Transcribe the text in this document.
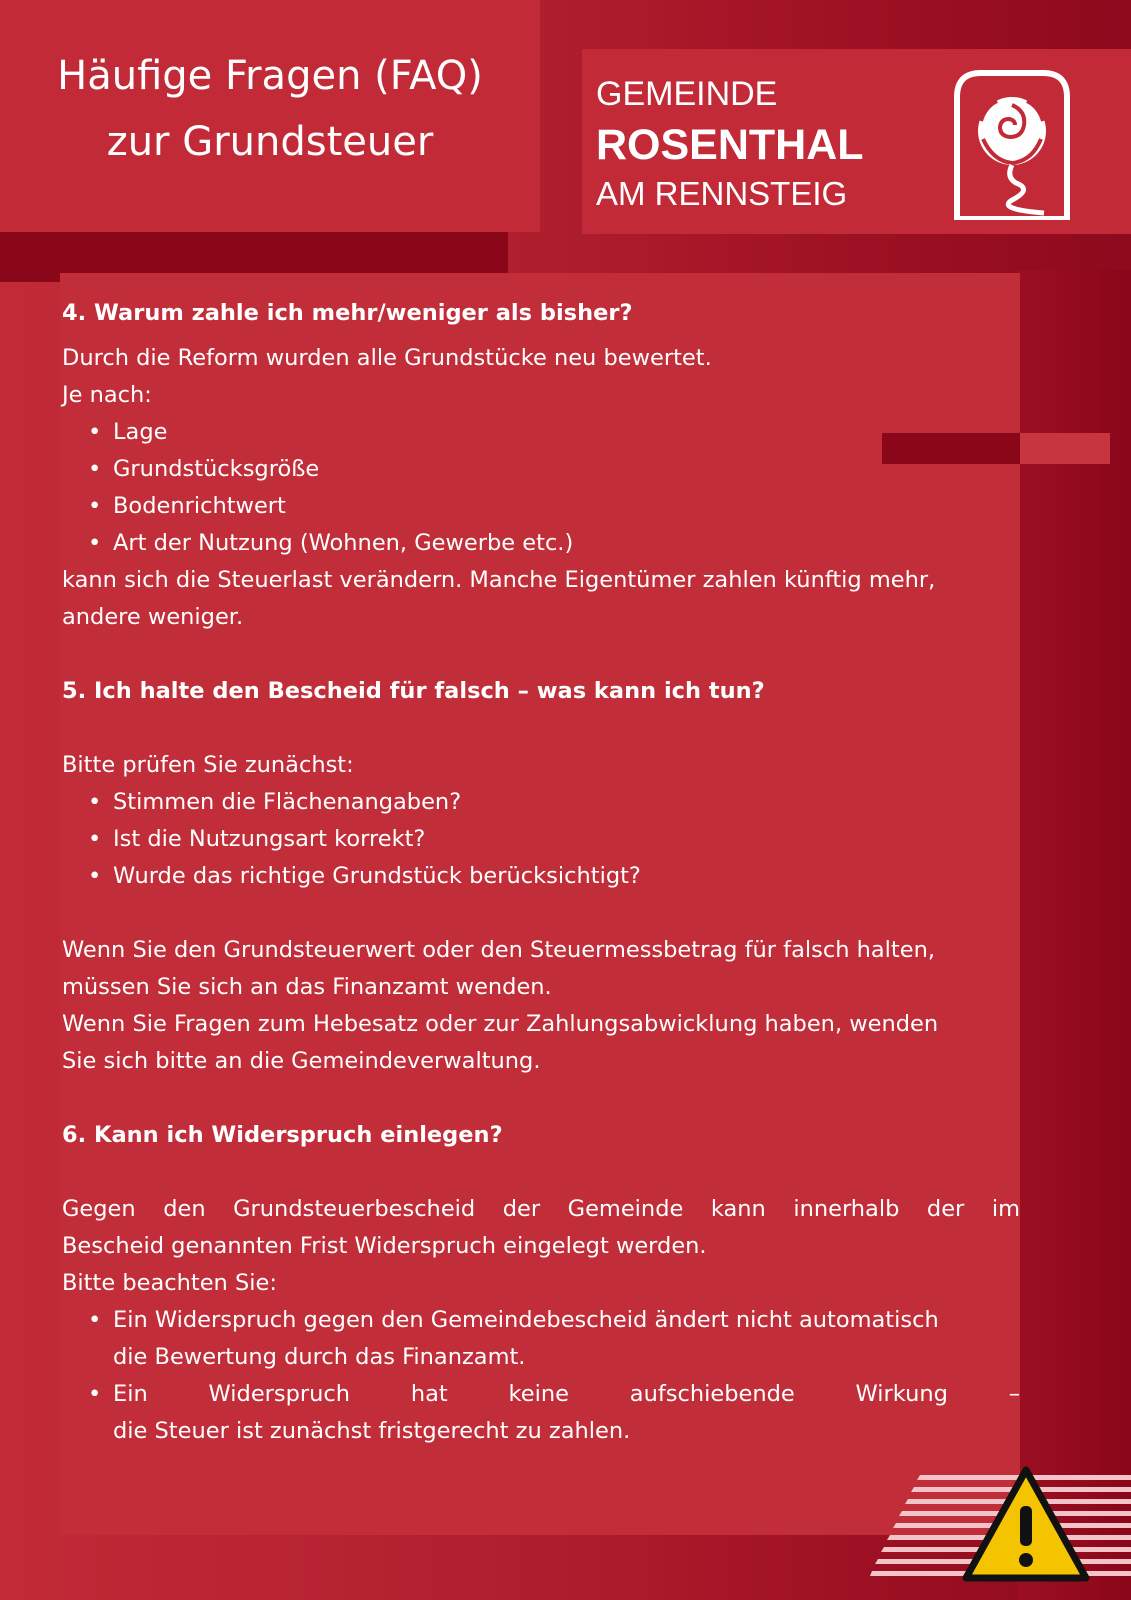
Häufige Fragen (FAQ)
zur Grundsteuer
GEMEINDE
ROSENTHAL
AM RENNSTEIG
4. Warum zahle ich mehr/weniger als bisher?
Durch die Reform wurden alle Grundstücke neu bewertet.
Je nach:
• Lage
• Grundstücksgröße
• Bodenrichtwert
• Art der Nutzung (Wohnen, Gewerbe etc.)
kann sich die Steuerlast verändern. Manche Eigentümer zahlen künftig mehr,
andere weniger.
5. Ich halte den Bescheid für falsch – was kann ich tun?
Bitte prüfen Sie zunächst:
• Stimmen die Flächenangaben?
• Ist die Nutzungsart korrekt?
• Wurde das richtige Grundstück berücksichtigt?
Wenn Sie den Grundsteuerwert oder den Steuermessbetrag für falsch halten,
müssen Sie sich an das Finanzamt wenden.
Wenn Sie Fragen zum Hebesatz oder zur Zahlungsabwicklung haben, wenden
Sie sich bitte an die Gemeindeverwaltung.
6. Kann ich Widerspruch einlegen?
Gegen den Grundsteuerbescheid der Gemeinde kann innerhalb der im
Bescheid genannten Frist Widerspruch eingelegt werden.
Bitte beachten Sie:
• Ein Widerspruch gegen den Gemeindebescheid ändert nicht automatisch
die Bewertung durch das Finanzamt.
• Ein Widerspruch hat keine aufschiebende Wirkung –
die Steuer ist zunächst fristgerecht zu zahlen.
